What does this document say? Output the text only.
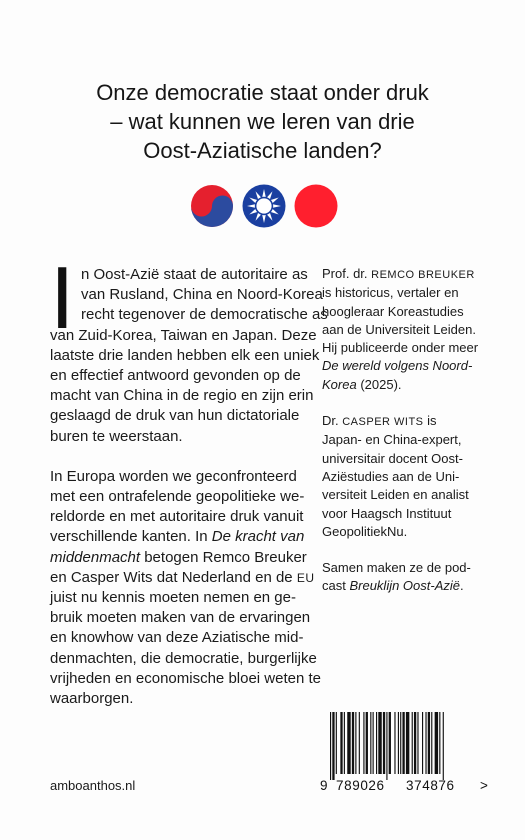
Onze democratie staat onder druk
– wat kunnen we leren van drie
Oost-Aziatische landen?
I n Oost-Azië staat de autoritaire as
van Rusland, China en Noord-Korea
recht tegenover de democratische as
van Zuid-Korea, Taiwan en Japan. Deze
laatste drie landen hebben elk een uniek
en effectief antwoord gevonden op de
macht van China in de regio en zijn erin
geslaagd de druk van hun dictatoriale
buren te weerstaan.
In Europa worden we geconfronteerd
met een ontrafelende geopolitieke we-
reldorde en met autoritaire druk vanuit
verschillende kanten. In De kracht van
middenmacht betogen Remco Breuker
en Casper Wits dat Nederland en de EU
juist nu kennis moeten nemen en ge-
bruik moeten maken van de ervaringen
en knowhow van deze Aziatische mid-
denmachten, die democratie, burgerlijke
vrijheden en economische bloei weten te
waarborgen.
Prof. dr. REMCO BREUKER
is historicus, vertaler en
hoogleraar Koreastudies
aan de Universiteit Leiden.
Hij publiceerde onder meer
De wereld volgens Noord-
Korea (2025).
Dr. CASPER WITS is
Japan- en China-expert,
universitair docent Oost-
Aziëstudies aan de Uni-
versiteit Leiden en analist
voor Haagsch Instituut
GeopolitiekNu.
Samen maken ze de pod-
cast Breuklijn Oost-Azië.
amboanthos.nl	9 789026 374876 >
